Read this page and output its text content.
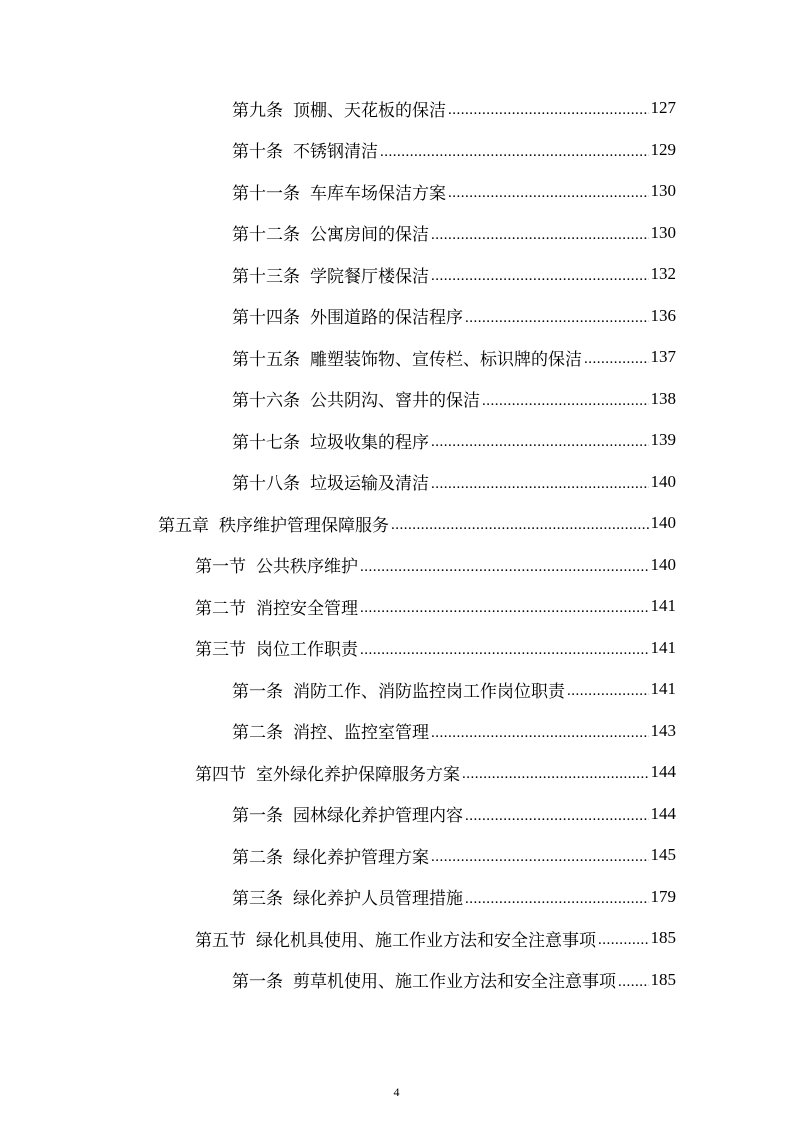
第九条 顶棚、天花板的保洁 .....	127
第十条 不锈钢清洁 .....	129
第十一条 车库车场保洁方案 .....	130
第十二条 公寓房间的保洁 .....	130
第十三条 学院餐厅楼保洁 .....	132
第十四条 外围道路的保洁程序 .....	136
第十五条 雕塑装饰物、宣传栏、标识牌的保洁 .....	137
第十六条 公共阴沟、窨井的保洁 .....	138
第十七条 垃圾收集的程序 .....	139
第十八条 垃圾运输及清洁 .....	140
第五章 秩序维护管理保障服务 .....	140
第一节 公共秩序维护 .....	140
第二节 消控安全管理 .....	141
第三节 岗位工作职责 .....	141
第一条 消防工作、消防监控岗工作岗位职责 .....	141
第二条 消控、监控室管理 .....	143
第四节 室外绿化养护保障服务方案 .....	144
第一条 园林绿化养护管理内容 .....	144
第二条 绿化养护管理方案 .....	145
第三条 绿化养护人员管理措施 .....	179
第五节 绿化机具使用、施工作业方法和安全注意事项 .....	185
第一条 剪草机使用、施工作业方法和安全注意事项 ..... 185
4
